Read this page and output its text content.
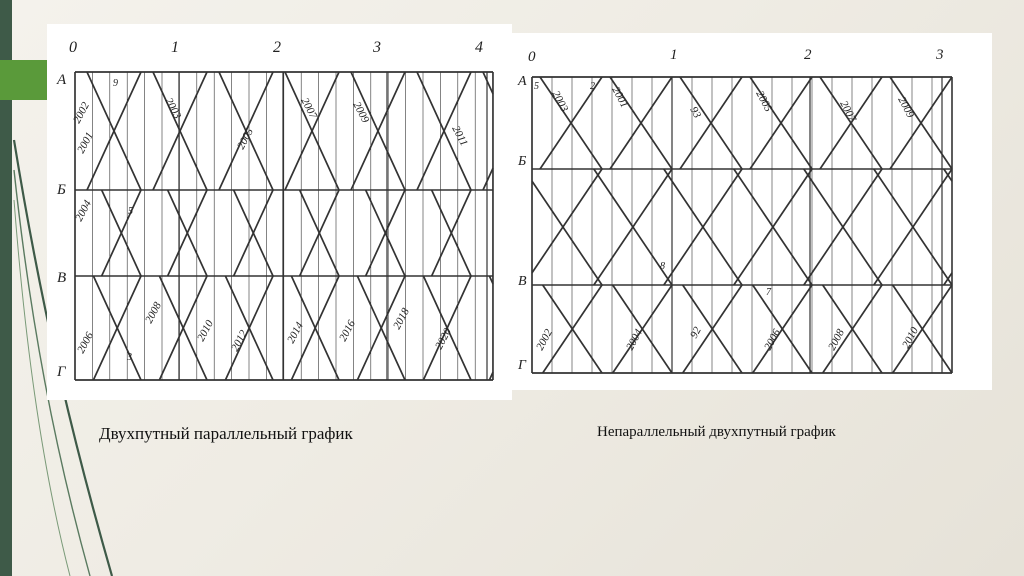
0	1	2	3	4
А
Б
В
Г
2002
2001
2003
2005
2007	2009
2011
2004
2006
2008
2010 2012	2014	2016	2018
2020
9
5
3
0	1	2	3
А
Б
В
Г
2003	2001
93	2005	2007	2009
2002	2004	92	2006	2008	2010
5	2
8
7
Двухпутный параллельный график	Непараллельный двухпутный график
